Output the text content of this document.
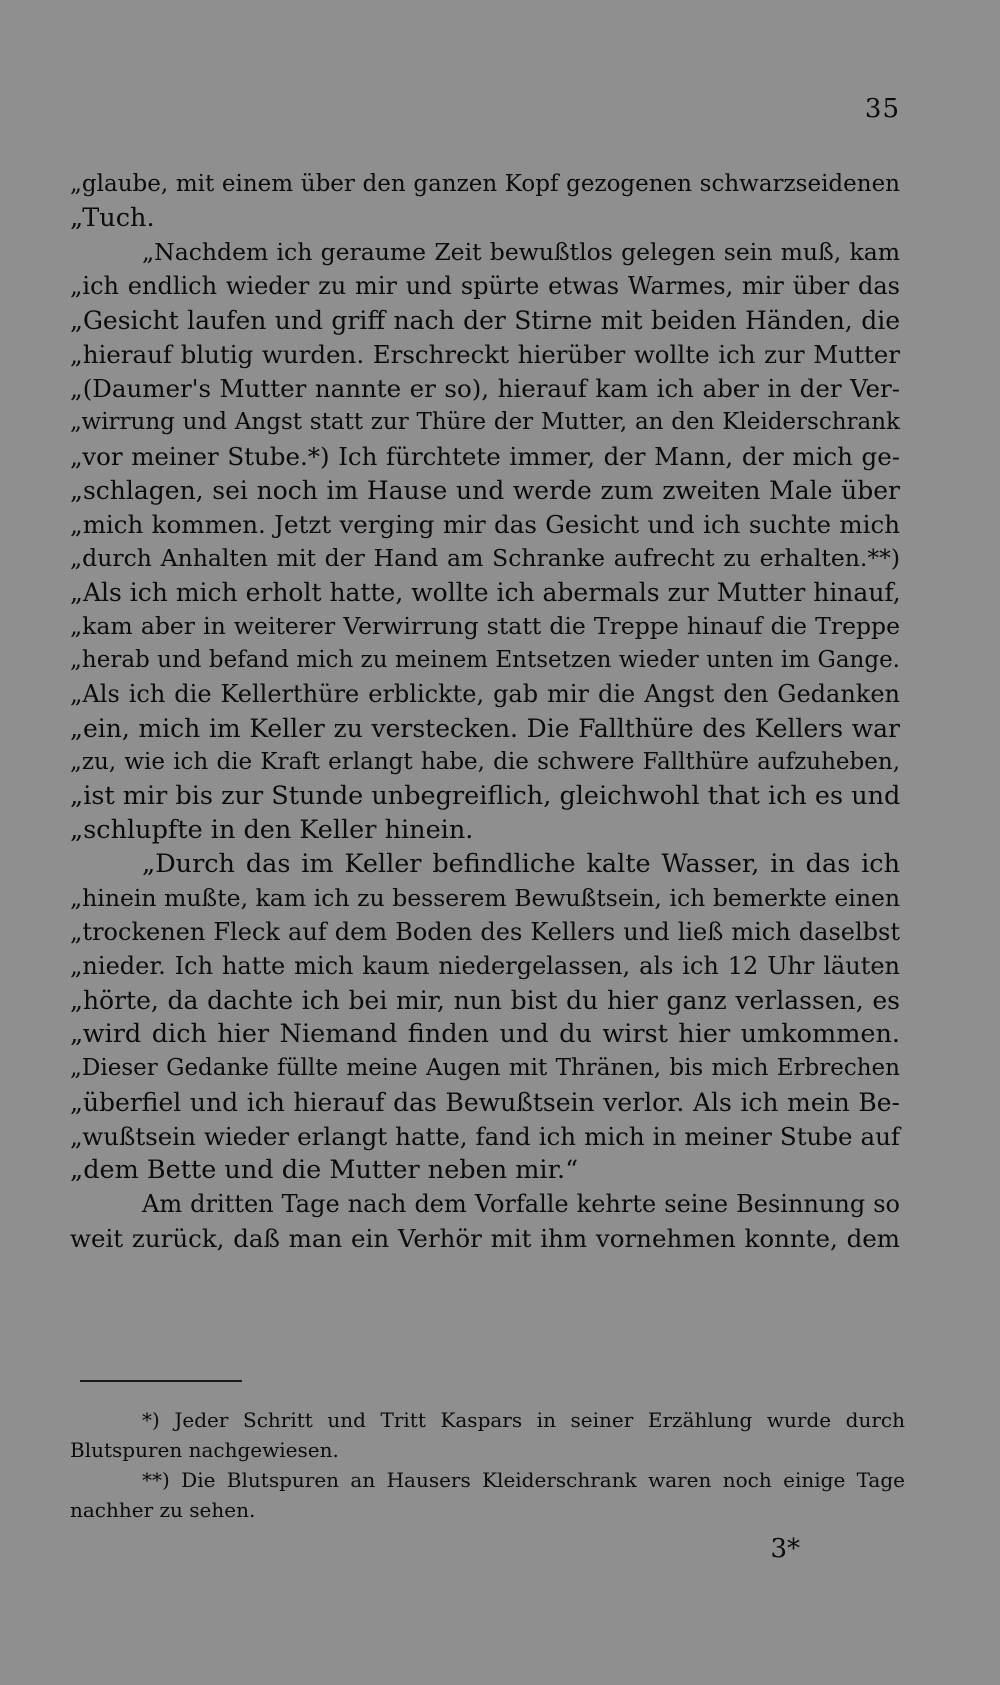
35
„glaube, mit einem über den ganzen Kopf gezogenen schwarzseidenen
„Tuch.
„Nachdem ich geraume Zeit bewußtlos gelegen sein muß, kam
„ich endlich wieder zu mir und spürte etwas Warmes, mir über das
„Gesicht laufen und griff nach der Stirne mit beiden Händen, die
„hierauf blutig wurden. Erschreckt hierüber wollte ich zur Mutter
„(Daumer's Mutter nannte er so), hierauf kam ich aber in der Ver-
„wirrung und Angst statt zur Thüre der Mutter, an den Kleiderschrank
„vor meiner Stube.*) Ich fürchtete immer, der Mann, der mich ge-
„schlagen, sei noch im Hause und werde zum zweiten Male über
„mich kommen. Jetzt verging mir das Gesicht und ich suchte mich
„durch Anhalten mit der Hand am Schranke aufrecht zu erhalten.**)
„Als ich mich erholt hatte, wollte ich abermals zur Mutter hinauf,
„kam aber in weiterer Verwirrung statt die Treppe hinauf die Treppe
„herab und befand mich zu meinem Entsetzen wieder unten im Gange.
„Als ich die Kellerthüre erblickte, gab mir die Angst den Gedanken
„ein, mich im Keller zu verstecken. Die Fallthüre des Kellers war
„zu, wie ich die Kraft erlangt habe, die schwere Fallthüre aufzuheben,
„ist mir bis zur Stunde unbegreiflich, gleichwohl that ich es und
„schlupfte in den Keller hinein.
„Durch das im Keller befindliche kalte Wasser, in das ich
„hinein mußte, kam ich zu besserem Bewußtsein, ich bemerkte einen
„trockenen Fleck auf dem Boden des Kellers und ließ mich daselbst
„nieder. Ich hatte mich kaum niedergelassen, als ich 12 Uhr läuten
„hörte, da dachte ich bei mir, nun bist du hier ganz verlassen, es
„wird dich hier Niemand finden und du wirst hier umkommen.
„Dieser Gedanke füllte meine Augen mit Thränen, bis mich Erbrechen
„überfiel und ich hierauf das Bewußtsein verlor. Als ich mein Be-
„wußtsein wieder erlangt hatte, fand ich mich in meiner Stube auf
„dem Bette und die Mutter neben mir.“
Am dritten Tage nach dem Vorfalle kehrte seine Besinnung so
weit zurück, daß man ein Verhör mit ihm vornehmen konnte, dem
*) Jeder Schritt und Tritt Kaspars in seiner Erzählung wurde durch
Blutspuren nachgewiesen.
**) Die Blutspuren an Hausers Kleiderschrank waren noch einige Tage
nachher zu sehen.
3*
